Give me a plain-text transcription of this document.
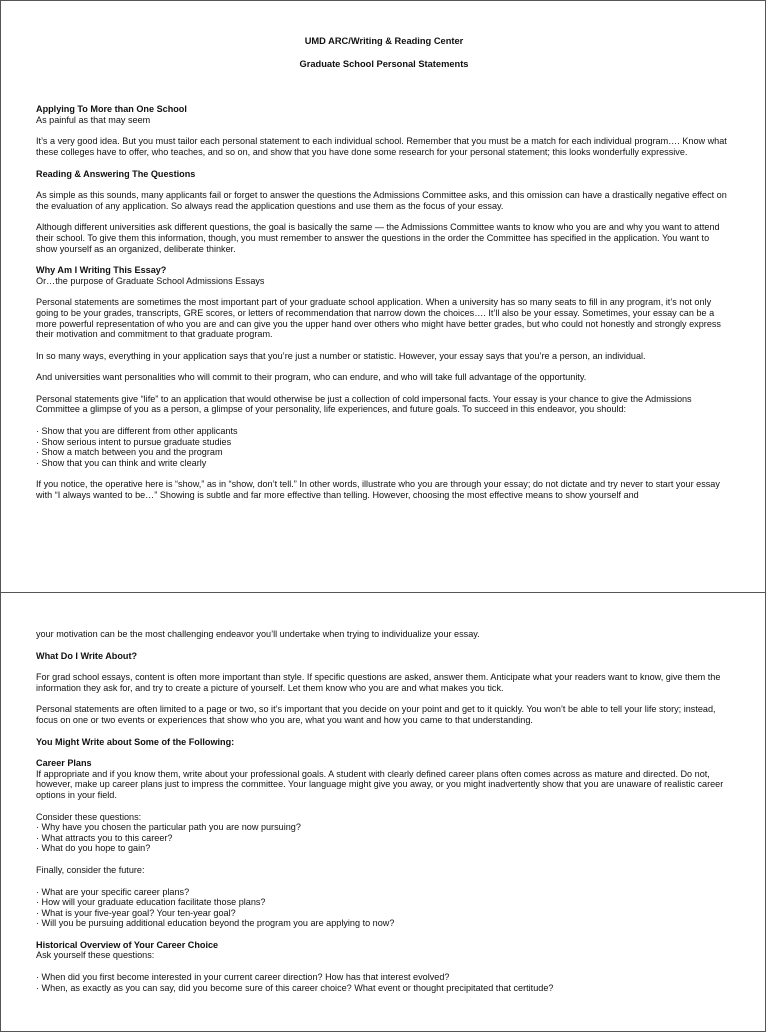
UMD ARC/Writing & Reading Center

Graduate School Personal Statements

Applying To More than One School

As painful as that may seem

It’s a very good idea. But you must tailor each personal statement to each individual school. Remember that you must be a match for each individual program…. Know what these colleges have to offer, who teaches, and so on, and show that you have done some research for your personal statement; this looks wonderfully expressive.

Reading & Answering The Questions

As simple as this sounds, many applicants fail or forget to answer the questions the Admissions Committee asks, and this omission can have a drastically negative effect on the evaluation of any application. So always read the application questions and use them as the focus of your essay.

Although different universities ask different questions, the goal is basically the same — the Admissions Committee wants to know who you are and why you want to attend their school. To give them this information, though, you must remember to answer the questions in the order the Committee has specified in the application. You want to show yourself as an organized, deliberate thinker.

Why Am I Writing This Essay?

Or…the purpose of Graduate School Admissions Essays

Personal statements are sometimes the most important part of your graduate school application. When a university has so many seats to fill in any program, it’s not only going to be your grades, transcripts, GRE scores, or letters of recommendation that narrow down the choices…. It’ll also be your essay. Sometimes, your essay can be a more powerful representation of who you are and can give you the upper hand over others who might have better grades, but who could not honestly and strongly express their motivation and commitment to that graduate program.

In so many ways, everything in your application says that you’re just a number or statistic. However, your essay says that you’re a person, an individual.

And universities want personalities who will commit to their program, who can endure, and who will take full advantage of the opportunity.

Personal statements give “life” to an application that would otherwise be just a collection of cold impersonal facts. Your essay is your chance to give the Admissions Committee a glimpse of you as a person, a glimpse of your personality, life experiences, and future goals. To succeed in this endeavor, you should:

· Show that you are different from other applicants

· Show serious intent to pursue graduate studies

· Show a match between you and the program

· Show that you can think and write clearly

If you notice, the operative here is “show,” as in “show, don’t tell.” In other words, illustrate who you are through your essay; do not dictate and try never to start your essay with “I always wanted to be…” Showing is subtle and far more effective than telling. However, choosing the most effective means to show yourself and

your motivation can be the most challenging endeavor you’ll undertake when trying to individualize your essay.

What Do I Write About?

For grad school essays, content is often more important than style. If specific questions are asked, answer them. Anticipate what your readers want to know, give them the information they ask for, and try to create a picture of yourself. Let them know who you are and what makes you tick.

Personal statements are often limited to a page or two, so it’s important that you decide on your point and get to it quickly. You won’t be able to tell your life story; instead, focus on one or two events or experiences that show who you are, what you want and how you came to that understanding.

You Might Write about Some of the Following:

Career Plans

If appropriate and if you know them, write about your professional goals. A student with clearly defined career plans often comes across as mature and directed. Do not, however, make up career plans just to impress the committee. Your language might give you away, or you might inadvertently show that you are unaware of realistic career options in your field.

Consider these questions:

· Why have you chosen the particular path you are now pursuing?

· What attracts you to this career?

· What do you hope to gain?

Finally, consider the future:

· What are your specific career plans?

· How will your graduate education facilitate those plans?

· What is your five-year goal? Your ten-year goal?

· Will you be pursuing additional education beyond the program you are applying to now?

Historical Overview of Your Career Choice

Ask yourself these questions:

· When did you first become interested in your current career direction? How has that interest evolved?

· When, as exactly as you can say, did you become sure of this career choice? What event or thought precipitated that certitude?
